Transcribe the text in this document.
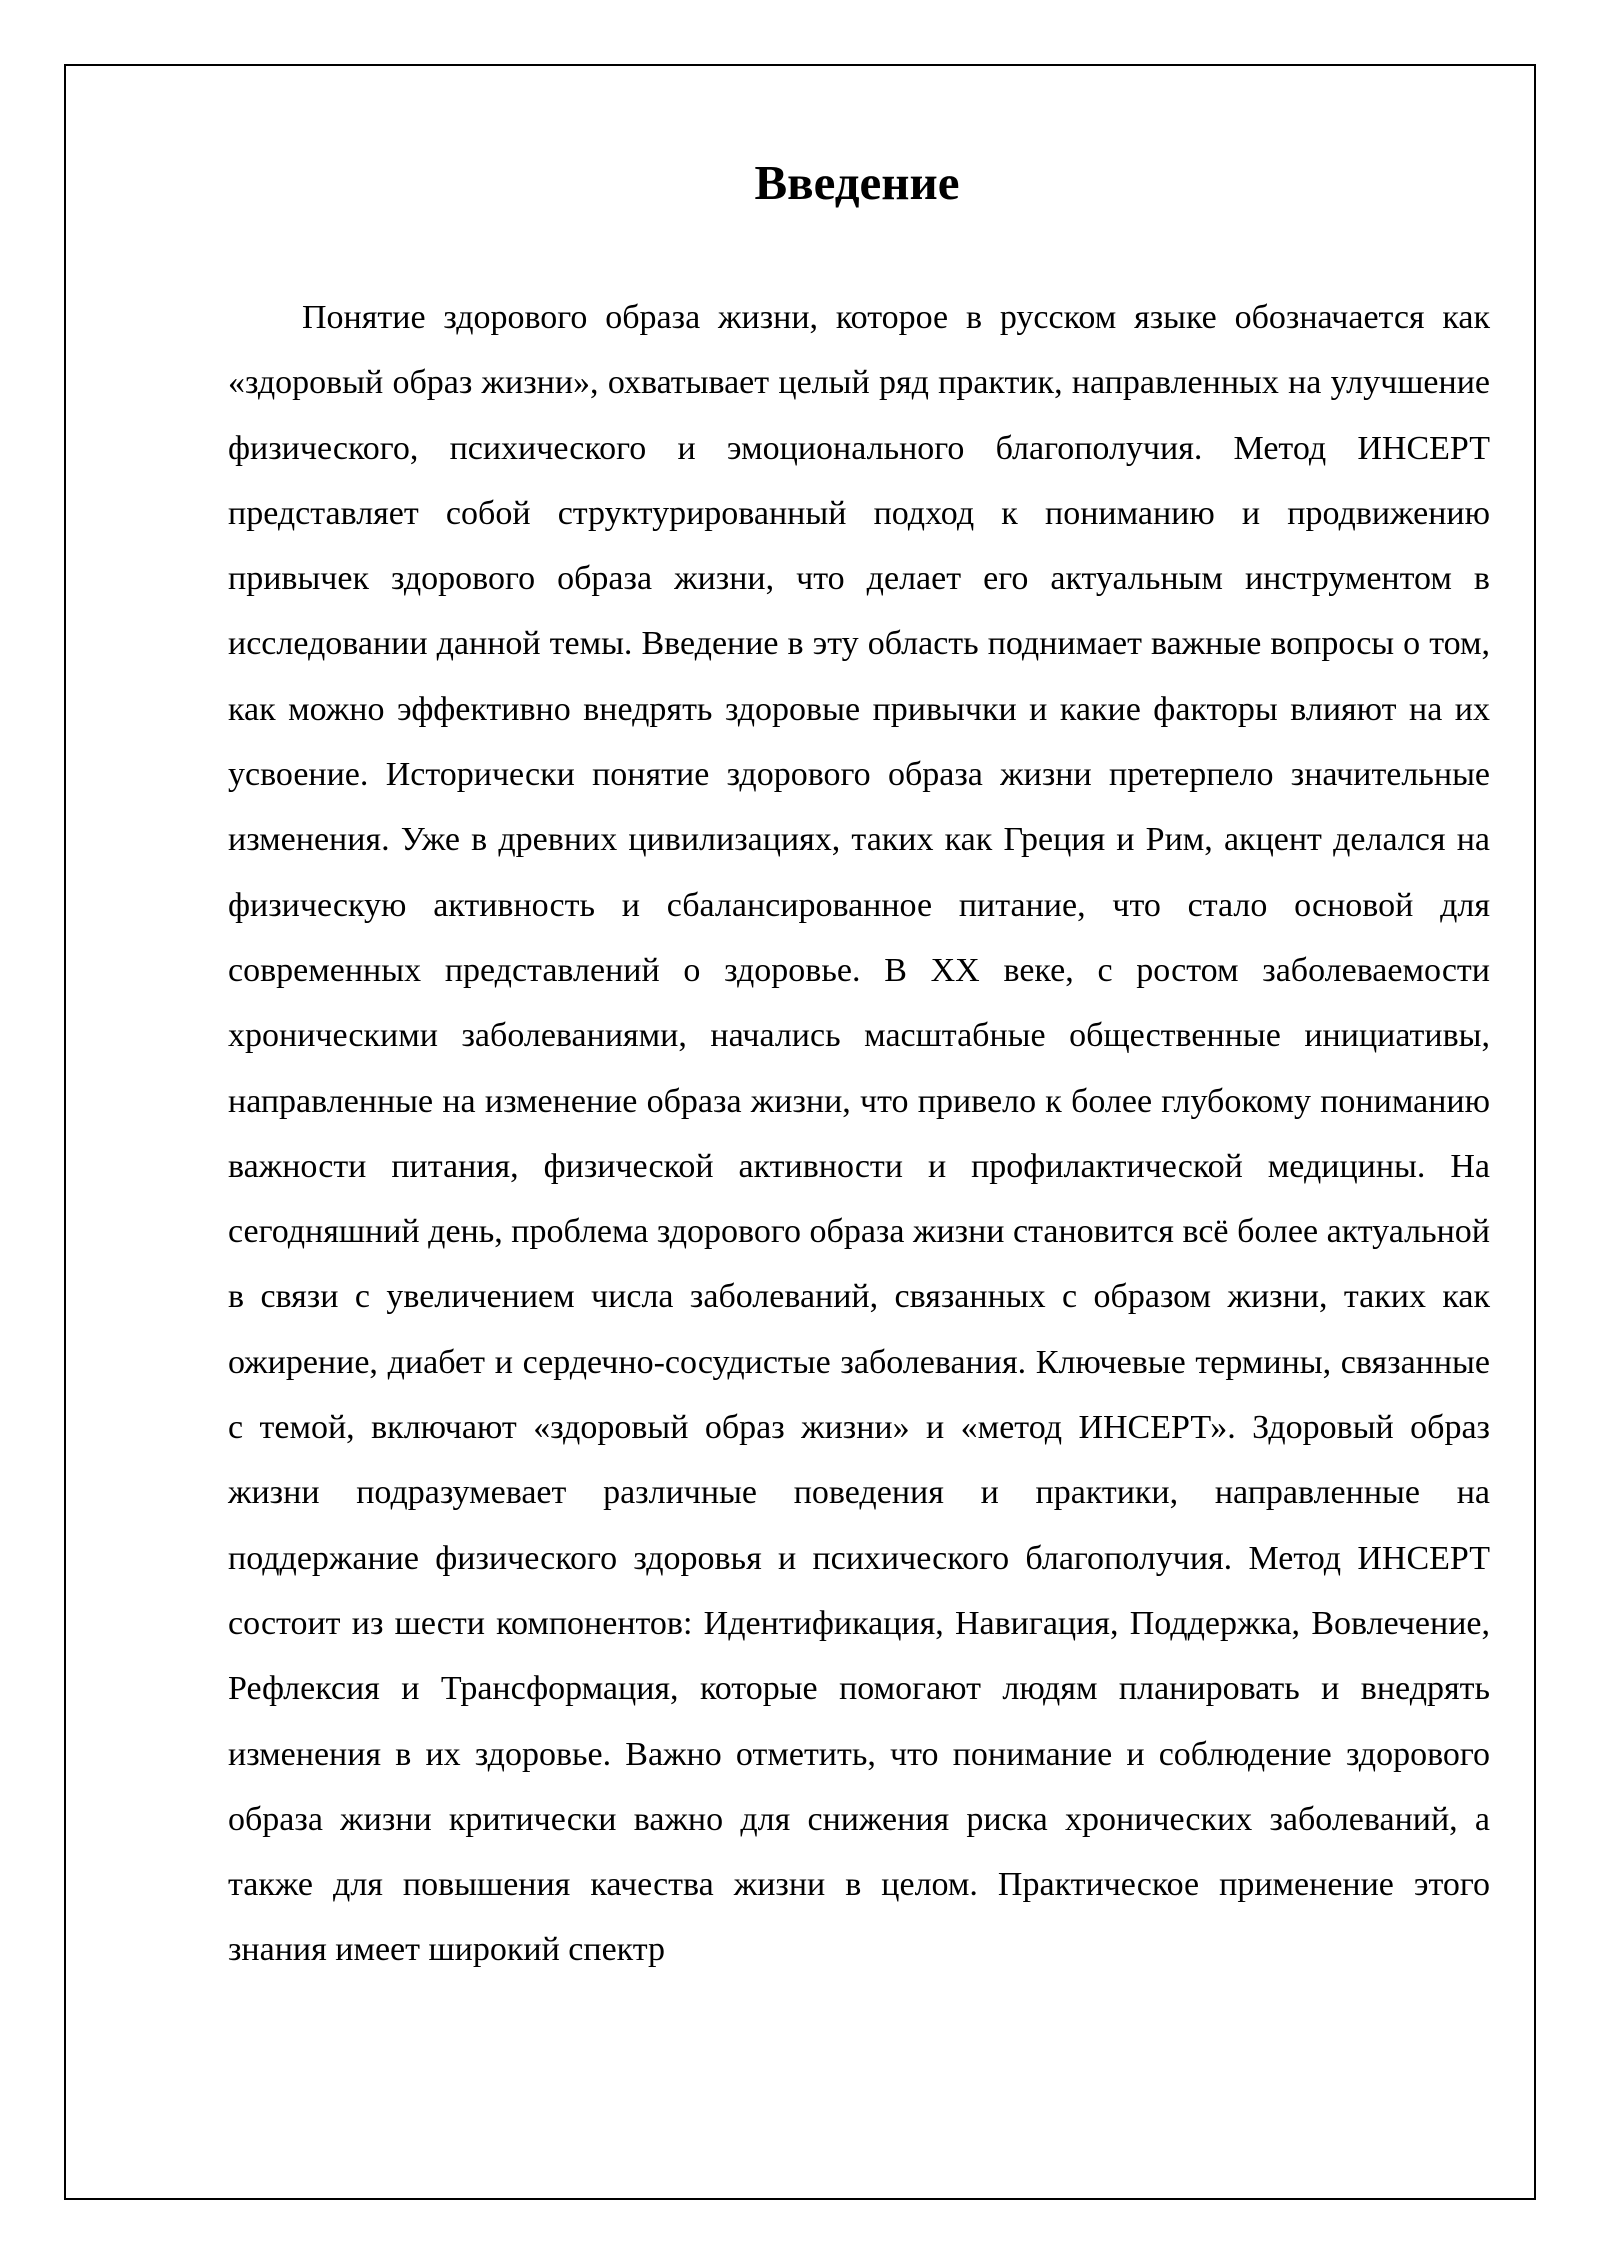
Введение

Понятие здорового образа жизни, которое в русском языке обозначается как «здоровый образ жизни», охватывает целый ряд практик, направленных на улучшение физического, психического и эмоционального благополучия. Метод ИНСЕРТ представляет собой структурированный подход к пониманию и продвижению привычек здорового образа жизни, что делает его актуальным инструментом в исследовании данной темы. Введение в эту область поднимает важные вопросы о том, как можно эффективно внедрять здоровые привычки и какие факторы влияют на их усвоение. Исторически понятие здорового образа жизни претерпело значительные изменения. Уже в древних цивилизациях, таких как Греция и Рим, акцент делался на физическую активность и сбалансированное питание, что стало основой для современных представлений о здоровье. В XX веке, с ростом заболеваемости хроническими заболеваниями, начались масштабные общественные инициативы, направленные на изменение образа жизни, что привело к более глубокому пониманию важности питания, физической активности и профилактической медицины. На сегодняшний день, проблема здорового образа жизни становится всё более актуальной в связи с увеличением числа заболеваний, связанных с образом жизни, таких как ожирение, диабет и сердечно-сосудистые заболевания. Ключевые термины, связанные с темой, включают «здоровый образ жизни» и «метод ИНСЕРТ». Здоровый образ жизни подразумевает различные поведения и практики, направленные на поддержание физического здоровья и психического благополучия. Метод ИНСЕРТ состоит из шести компонентов: Идентификация, Навигация, Поддержка, Вовлечение, Рефлексия и Трансформация, которые помогают людям планировать и внедрять изменения в их здоровье. Важно отметить, что понимание и соблюдение здорового образа жизни критически важно для снижения риска хронических заболеваний, а также для повышения качества жизни в целом. Практическое применение этого знания имеет широкий спектр
